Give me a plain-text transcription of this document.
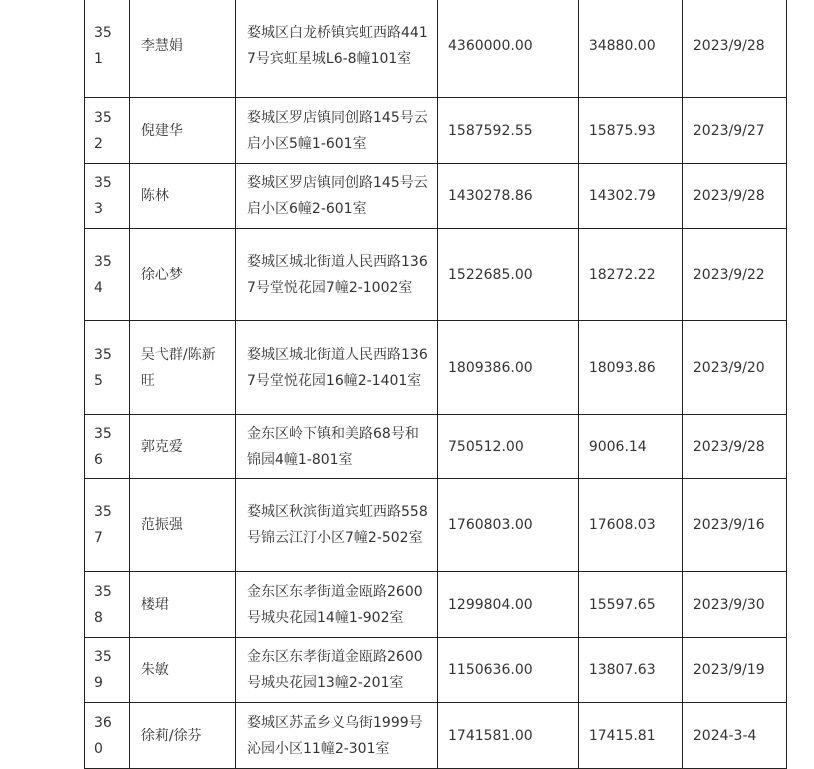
351	李慧娟	婺城区白龙桥镇宾虹西路4417号宾虹星城L6-8幢101室	4360000.00	34880.00	2023/9/28
352	倪建华	婺城区罗店镇同创路145号云启小区5幢1-601室	1587592.55	15875.93	2023/9/27
353	陈林	婺城区罗店镇同创路145号云启小区6幢2-601室	1430278.86	14302.79	2023/9/28
354	徐心梦	婺城区城北街道人民西路1367号堂悦花园7幢2-1002室	1522685.00	18272.22	2023/9/22
355	吴弋群/陈新旺	婺城区城北街道人民西路1367号堂悦花园16幢2-1401室	1809386.00	18093.86	2023/9/20
356	郭克爱	金东区岭下镇和美路68号和锦园4幢1-801室	750512.00	9006.14	2023/9/28
357	范振强	婺城区秋滨街道宾虹西路558号锦云江汀小区7幢2-502室	1760803.00	17608.03	2023/9/16
358	楼珺	金东区东孝街道金瓯路2600号城央花园14幢1-902室	1299804.00	15597.65	2023/9/30
359	朱敏	金东区东孝街道金瓯路2600号城央花园13幢2-201室	1150636.00	13807.63	2023/9/19
360	徐莉/徐芬	婺城区苏孟乡义乌街1999号沁园小区11幢2-301室	1741581.00	17415.81	2024-3-4
